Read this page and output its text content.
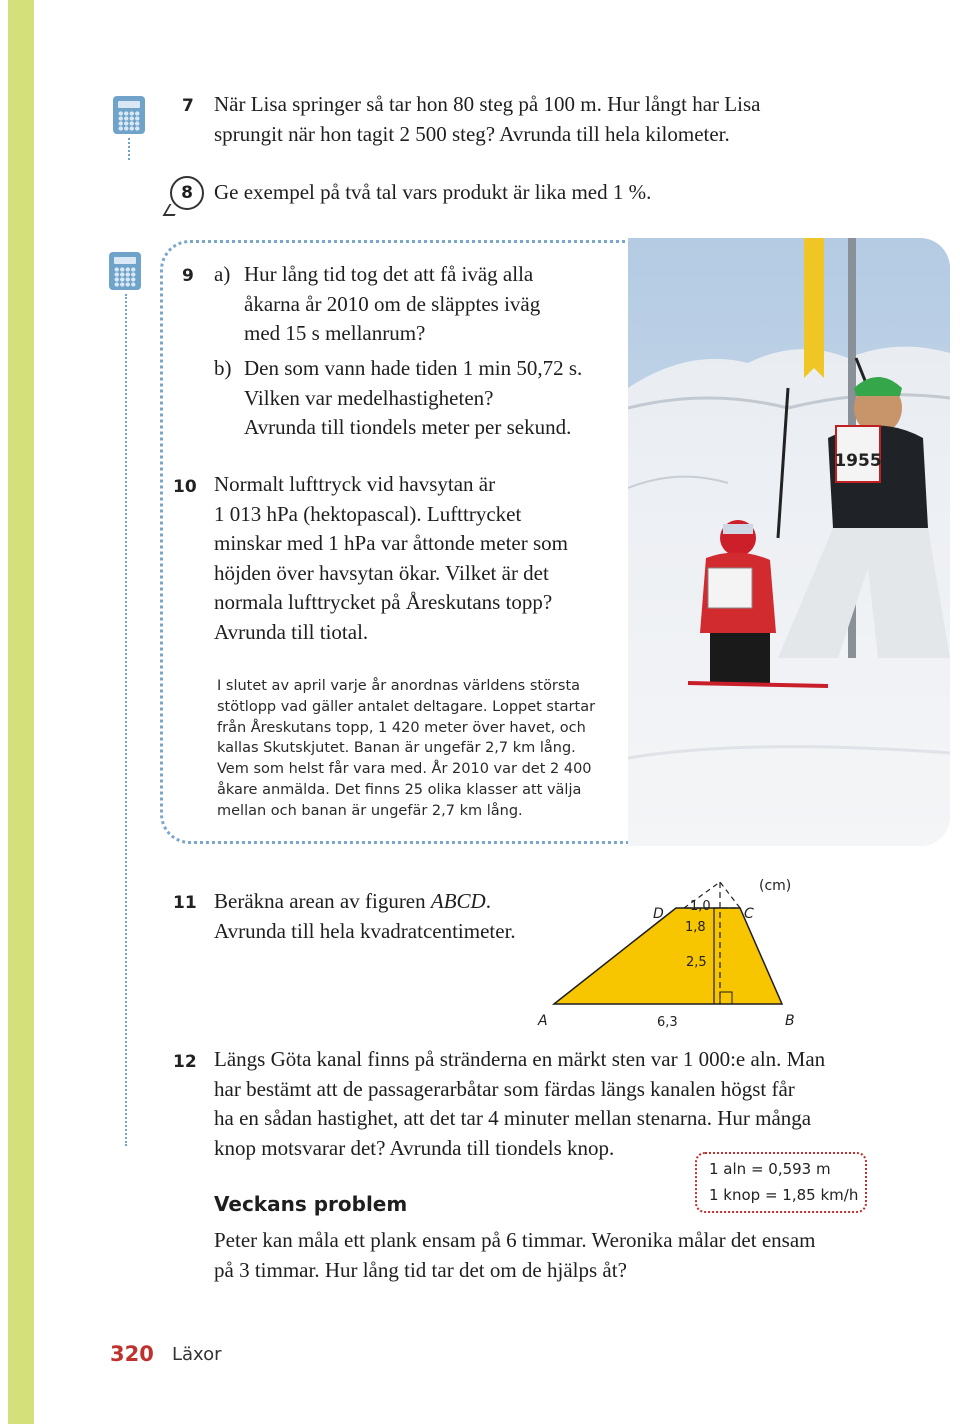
7 När Lisa springer så tar hon 80 steg på 100 m. Hur långt har Lisa
sprungit när hon tagit 2 500 steg? Avrunda till hela kilometer.
8	Ge exempel på två tal vars produkt är lika med 1 %.
1955
9 a) Hur lång tid tog det att få iväg alla
åkarna år 2010 om de släpptes iväg
med 15 s mellanrum?
b) Den som vann hade tiden 1 min 50,72 s.
Vilken var medelhastigheten?
Avrunda till tiondels meter per sekund.
10 Normalt lufttryck vid havsytan är
1 013 hPa (hektopascal). Lufttrycket
minskar med 1 hPa var åttonde meter som
höjden över havsytan ökar. Vilket är det
normala lufttrycket på Åreskutans topp?
Avrunda till tiotal.
I slutet av april varje år anordnas världens största
stötlopp vad gäller antalet deltagare. Loppet startar
från Åreskutans topp, 1 420 meter över havet, och
kallas Skutskjutet. Banan är ungefär 2,7 km lång.
Vem som helst får vara med. År 2010 var det 2 400
åkare anmälda. Det finns 25 olika klasser att välja
mellan och banan är ungefär 2,7 km lång.
11 Beräkna arean av figuren ABCD.
Avrunda till hela kvadratcentimeter.
(cm)
D	C
A	B
1,0
1,8
2,5
6,3
12 Längs Göta kanal finns på stränderna en märkt sten var 1 000:e aln. Man
har bestämt att de passagerarbåtar som färdas längs kanalen högst får
ha en sådan hastighet, att det tar 4 minuter mellan stenarna. Hur många
knop motsvarar det? Avrunda till tiondels knop.
1 aln = 0,593 m
1 knop = 1,85 km/h
Veckans problem
Peter kan måla ett plank ensam på 6 timmar. Weronika målar det ensam
på 3 timmar. Hur lång tid tar det om de hjälps åt?
320 Läxor
